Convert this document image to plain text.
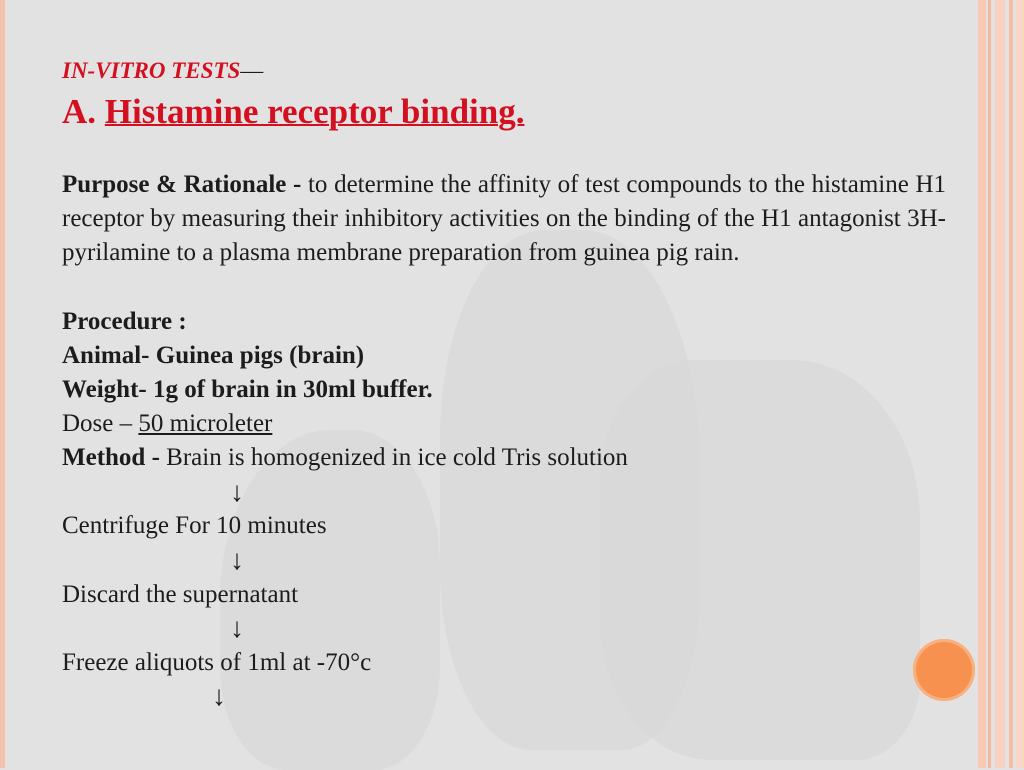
IN-VITRO TESTS—
A. Histamine receptor binding.
Purpose & Rationale - to determine the affinity of test compounds to the histamine H1 receptor by measuring their inhibitory activities on the binding of the H1 antagonist 3H-pyrilamine to a plasma membrane preparation from guinea pig rain.
Procedure :
Animal- Guinea pigs (brain)
Weight- 1g of brain in 30ml buffer.
Dose – 50 microleter
Method - Brain is homogenized in ice cold Tris solution
↓
Centrifuge For 10 minutes
↓
Discard the supernatant
↓
Freeze aliquots of 1ml at -70°c
↓
